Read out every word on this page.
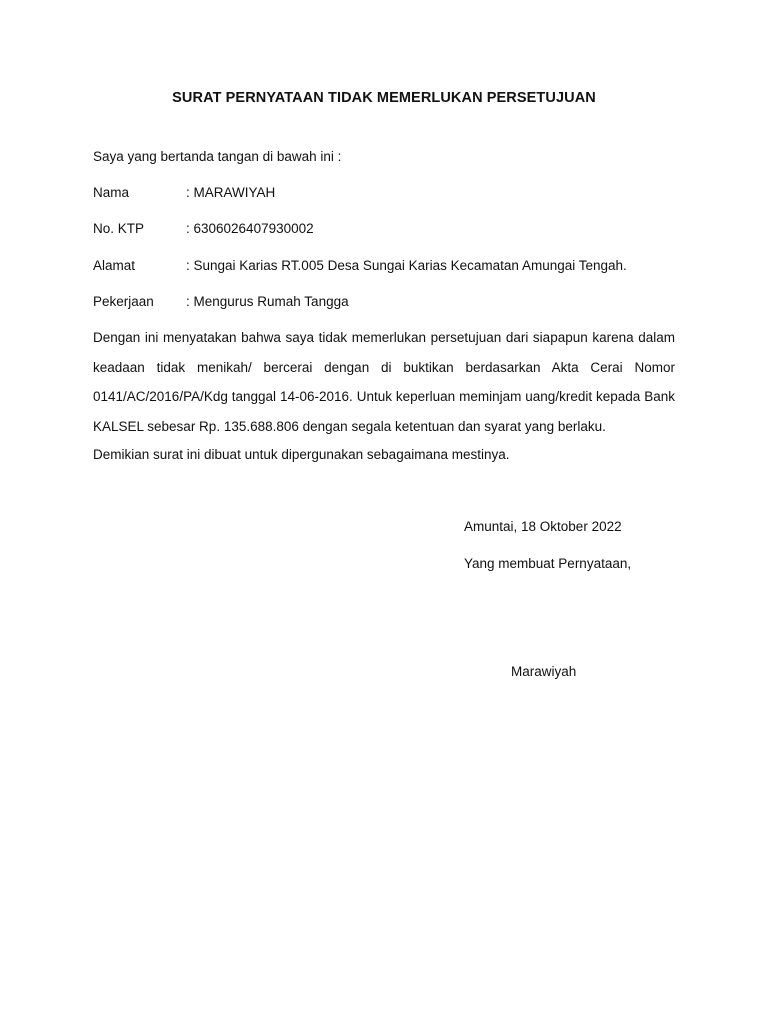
SURAT PERNYATAAN TIDAK MEMERLUKAN PERSETUJUAN
Saya yang bertanda tangan di bawah ini :
Nama	: MARAWIYAH
No. KTP	: 6306026407930002
Alamat	: Sungai Karias RT.005 Desa Sungai Karias Kecamatan Amungai Tengah.
Pekerjaan : Mengurus Rumah Tangga
Dengan ini menyatakan bahwa saya tidak memerlukan persetujuan dari siapapun karena dalam keadaan tidak menikah/ bercerai dengan di buktikan berdasarkan Akta Cerai Nomor 0141/AC/2016/PA/Kdg tanggal 14-06-2016. Untuk keperluan meminjam uang/kredit kepada Bank KALSEL sebesar Rp. 135.688.806 dengan segala ketentuan dan syarat yang berlaku.
Demikian surat ini dibuat untuk dipergunakan sebagaimana mestinya.
Amuntai, 18 Oktober 2022
Yang membuat Pernyataan,
Marawiyah
